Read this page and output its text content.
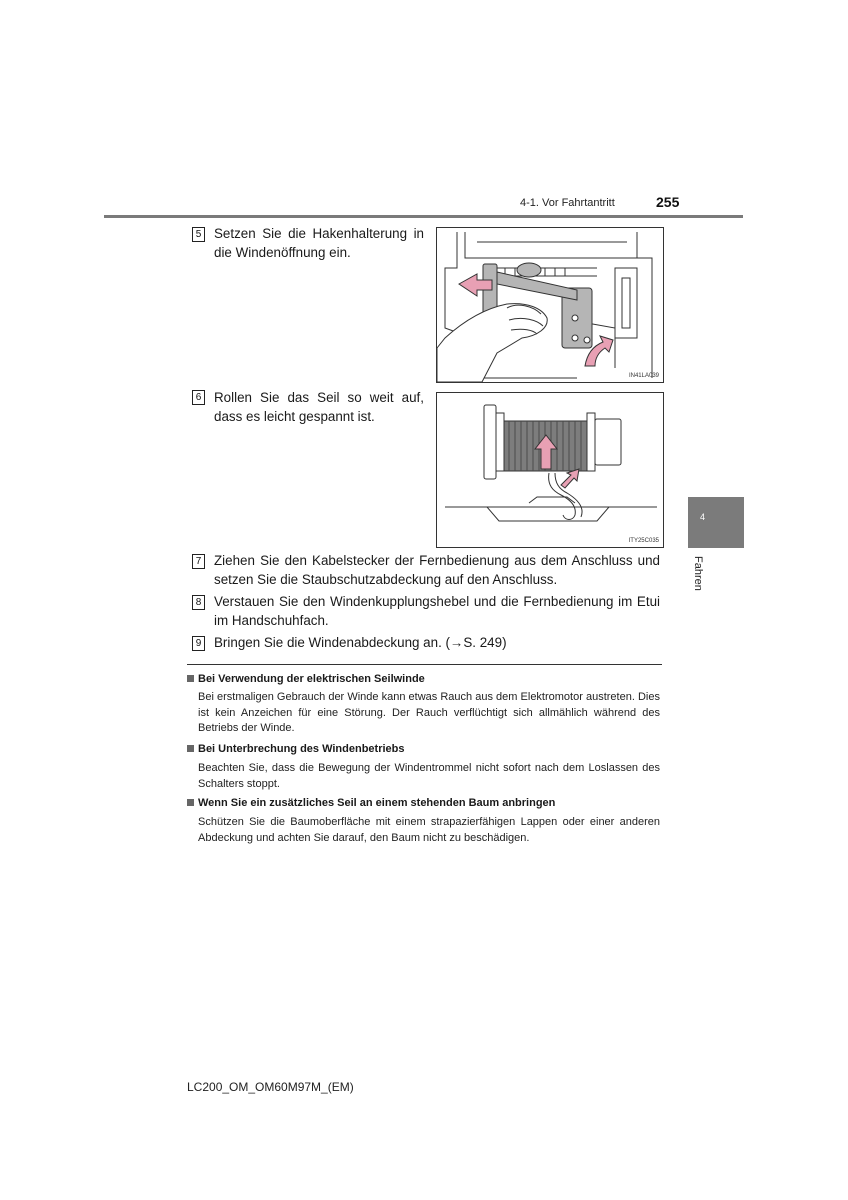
4-1. Vor Fahrtantritt	255
4
Fahren
5 Setzen Sie die Hakenhalterung in die Windenöffnung ein.
IN41LA039
6 Rollen Sie das Seil so weit auf, dass es leicht gespannt ist.
ITY25C035
7 Ziehen Sie den Kabelstecker der Fernbedienung aus dem Anschluss und setzen Sie die Staubschutzabdeckung auf den Anschluss.
8 Verstauen Sie den Windenkupplungshebel und die Fernbedienung im Etui im Handschuhfach.
9 Bringen Sie die Windenabdeckung an. (→S. 249)
Bei Verwendung der elektrischen Seilwinde
Bei erstmaligen Gebrauch der Winde kann etwas Rauch aus dem Elektromotor austreten. Dies ist kein Anzeichen für eine Störung. Der Rauch verflüchtigt sich allmählich während des Betriebs der Winde.
Bei Unterbrechung des Windenbetriebs
Beachten Sie, dass die Bewegung der Windentrommel nicht sofort nach dem Loslassen des Schalters stoppt.
Wenn Sie ein zusätzliches Seil an einem stehenden Baum anbringen
Schützen Sie die Baumoberfläche mit einem strapazierfähigen Lappen oder einer anderen Abdeckung und achten Sie darauf, den Baum nicht zu beschädigen.
LC200_OM_OM60M97M_(EM)
